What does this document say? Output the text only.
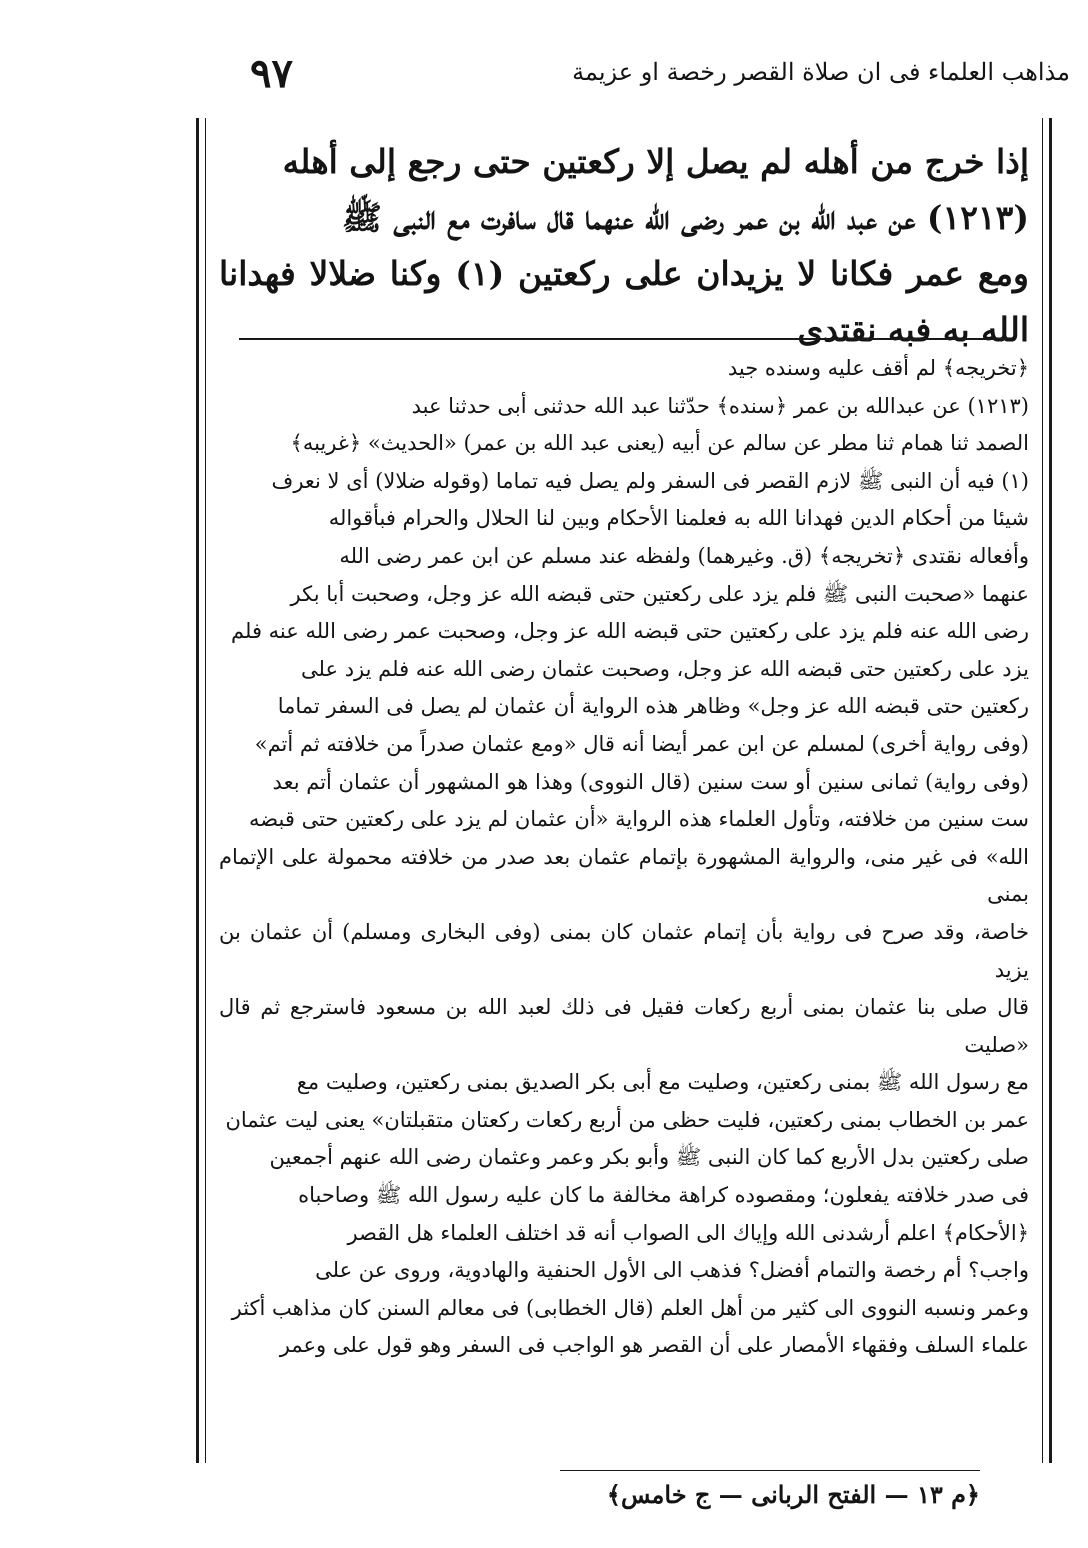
٩٧	مذاهب العلماء فى ان صلاة القصر رخصة او عزيمة

إذا خرج من أهله لم يصل إلا ركعتين حتى رجع إلى أهله

(١٢١٣) عن عبد الله بن عمر رضى الله عنهما قال سافرت مع النبى ﷺ

ومع عمر فكانا لا يزيدان على ركعتين (١) وكنا ضلالا فهدانا الله به فبه نقتدى

﴿تخريجه﴾ لم أقف عليه وسنده جيد

(١٢١٣) عن عبدالله بن عمر ﴿سنده﴾ حدّثنا عبد الله حدثنى أبى حدثنا عبد

الصمد ثنا همام ثنا مطر عن سالم عن أبيه (يعنى عبد الله بن عمر) «الحديث» ﴿غريبه﴾

(١) فيه أن النبى ﷺ لازم القصر فى السفر ولم يصل فيه تماما (وقوله ضلالا) أى لا نعرف

شيئا من أحكام الدين فهدانا الله به فعلمنا الأحكام وبين لنا الحلال والحرام فبأقواله

وأفعاله نقتدى ﴿تخريجه﴾ (ق. وغيرهما) ولفظه عند مسلم عن ابن عمر رضى الله

عنهما «صحبت النبى ﷺ فلم يزد على ركعتين حتى قبضه الله عز وجل، وصحبت أبا بكر

رضى الله عنه فلم يزد على ركعتين حتى قبضه الله عز وجل، وصحبت عمر رضى الله عنه فلم

يزد على ركعتين حتى قبضه الله عز وجل، وصحبت عثمان رضى الله عنه فلم يزد على

ركعتين حتى قبضه الله عز وجل» وظاهر هذه الرواية أن عثمان لم يصل فى السفر تماما

(وفى رواية أخرى) لمسلم عن ابن عمر أيضا أنه قال «ومع عثمان صدراً من خلافته ثم أتم»

(وفى رواية) ثمانى سنين أو ست سنين (قال النووى) وهذا هو المشهور أن عثمان أتم بعد

ست سنين من خلافته، وتأول العلماء هذه الرواية «أن عثمان لم يزد على ركعتين حتى قبضه

الله» فى غير منى، والرواية المشهورة بإتمام عثمان بعد صدر من خلافته محمولة على الإتمام بمنى

خاصة، وقد صرح فى رواية بأن إتمام عثمان كان بمنى (وفى البخارى ومسلم) أن عثمان بن يزيد

قال صلى بنا عثمان بمنى أربع ركعات فقيل فى ذلك لعبد الله بن مسعود فاسترجع ثم قال «صليت

مع رسول الله ﷺ بمنى ركعتين، وصليت مع أبى بكر الصديق بمنى ركعتين، وصليت مع

عمر بن الخطاب بمنى ركعتين، فليت حظى من أربع ركعات ركعتان متقبلتان» يعنى ليت عثمان

صلى ركعتين بدل الأربع كما كان النبى ﷺ وأبو بكر وعمر وعثمان رضى الله عنهم أجمعين

فى صدر خلافته يفعلون؛ ومقصوده كراهة مخالفة ما كان عليه رسول الله ﷺ وصاحباه

﴿الأحكام﴾ اعلم أرشدنى الله وإياك الى الصواب أنه قد اختلف العلماء هل القصر

واجب؟ أم رخصة والتمام أفضل؟ فذهب الى الأول الحنفية والهادوية، وروى عن على

وعمر ونسبه النووى الى كثير من أهل العلم (قال الخطابى) فى معالم السنن كان مذاهب أكثر

علماء السلف وفقهاء الأمصار على أن القصر هو الواجب فى السفر وهو قول على وعمر

﴿م ١٣ — الفتح الربانى — ج خامس﴾
